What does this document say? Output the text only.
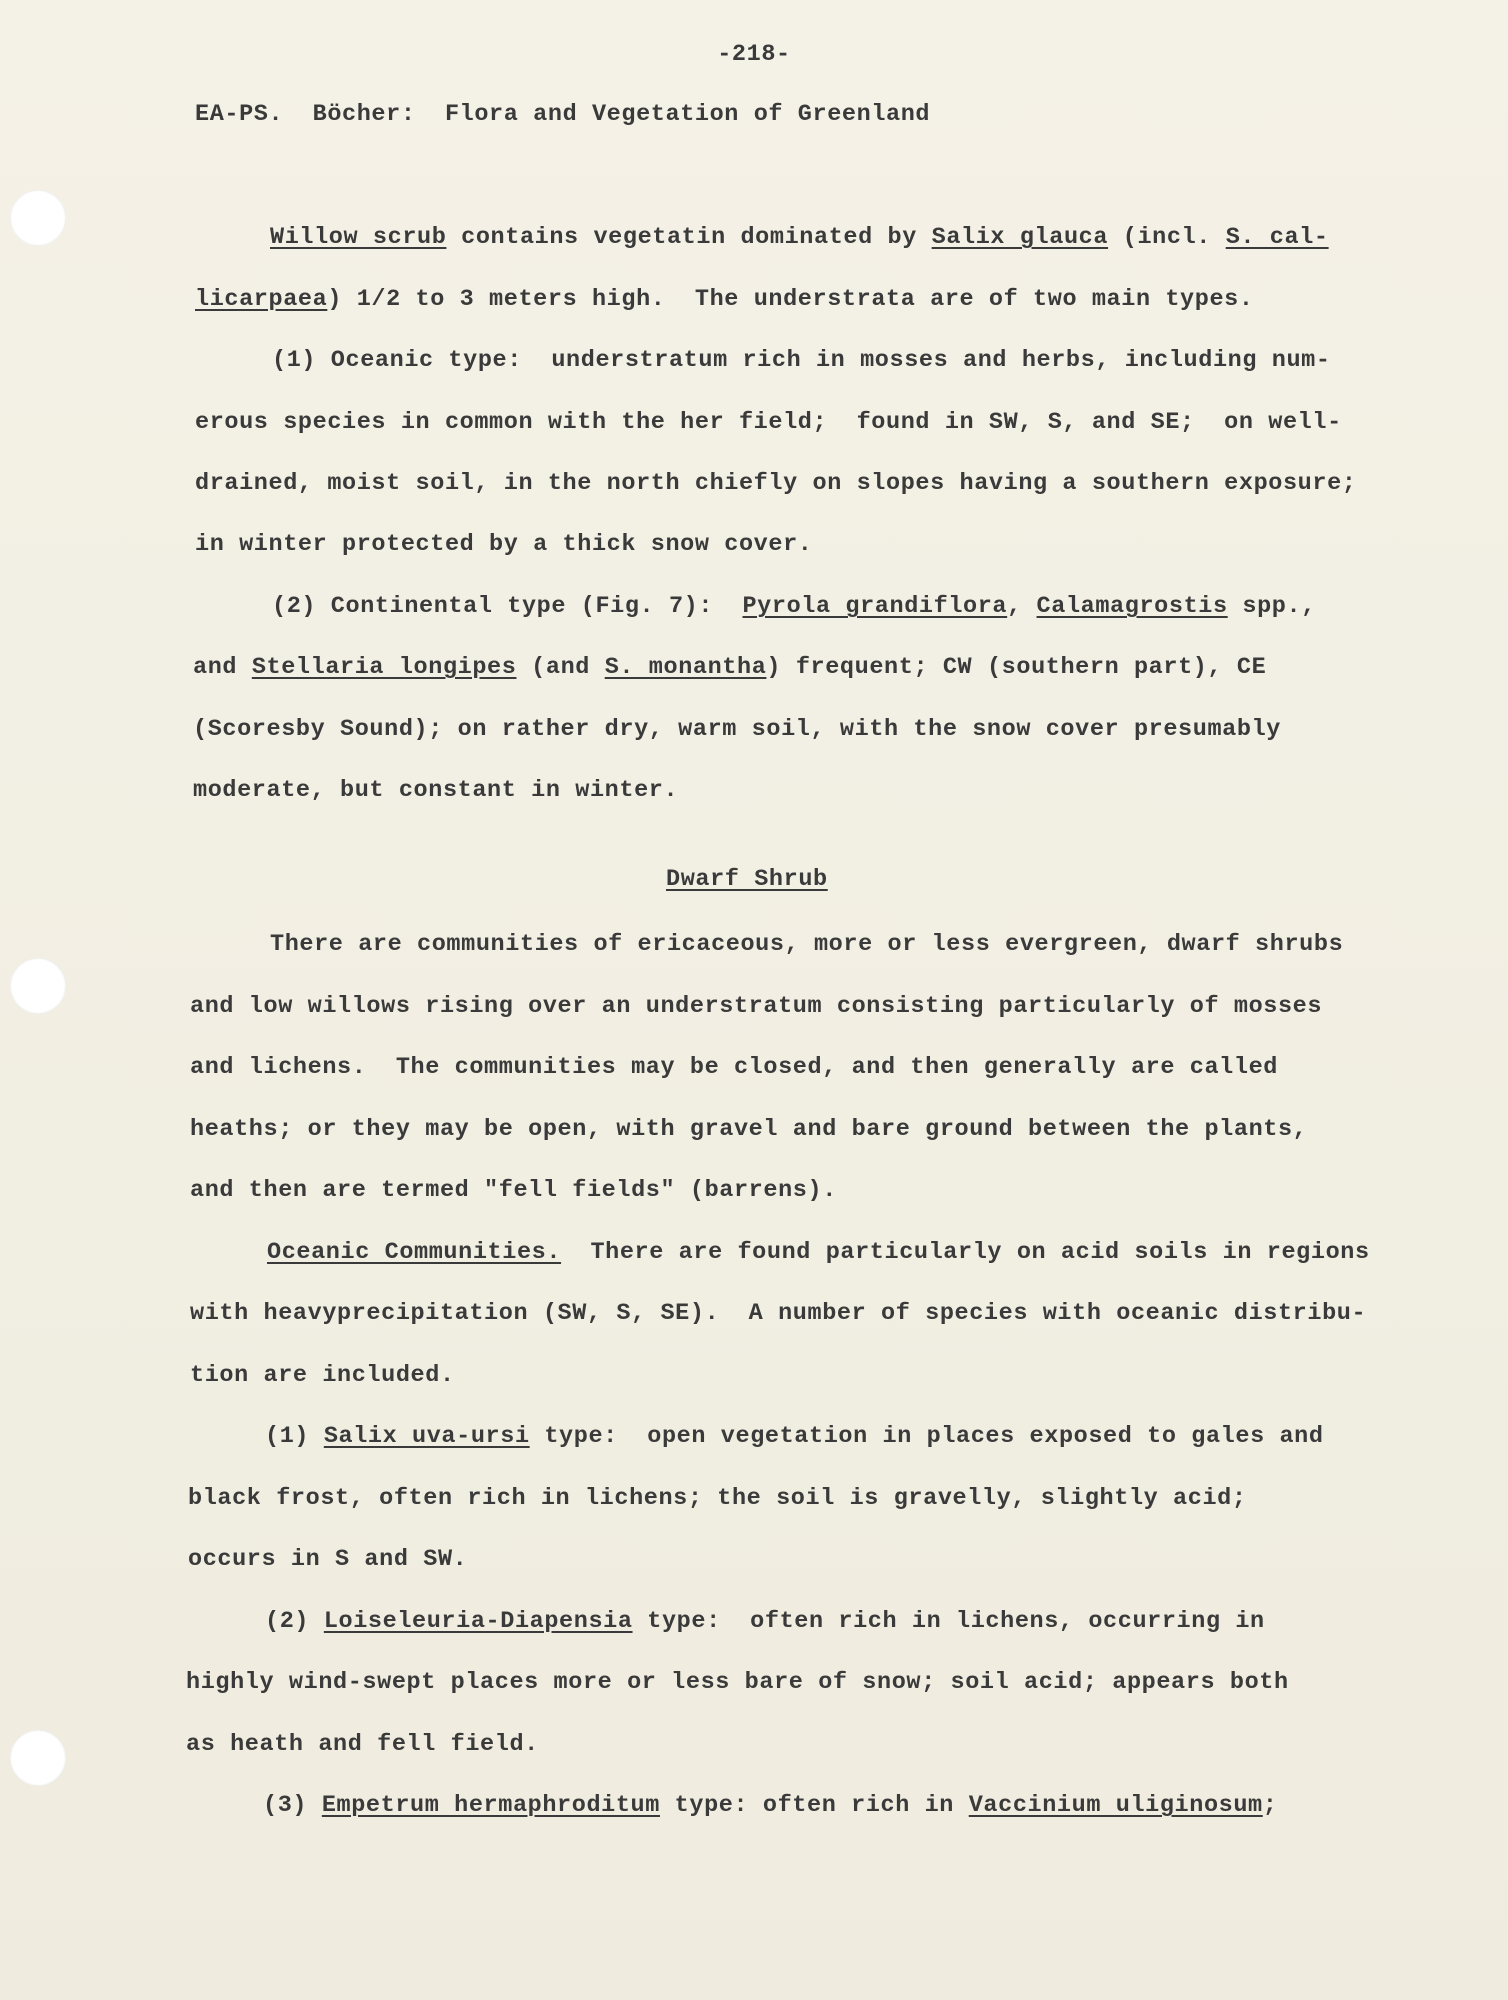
-218-
EA-PS. Böcher: Flora and Vegetation of Greenland
Willow scrub contains vegetatin dominated by Salix glauca (incl. S. cal-
licarpaea) 1/2 to 3 meters high.  The understrata are of two main types.
(1) Oceanic type:  understratum rich in mosses and herbs, including num-
erous species in common with the her field;  found in SW, S, and SE;  on well-
drained, moist soil, in the north chiefly on slopes having a southern exposure;
in winter protected by a thick snow cover.
(2) Continental type (Fig. 7):  Pyrola grandiflora, Calamagrostis spp.,
and Stellaria longipes (and S. monantha) frequent; CW (southern part), CE
(Scoresby Sound); on rather dry, warm soil, with the snow cover presumably
moderate, but constant in winter.
Dwarf Shrub
There are communities of ericaceous, more or less evergreen, dwarf shrubs
and low willows rising over an understratum consisting particularly of mosses
and lichens.  The communities may be closed, and then generally are called
heaths; or they may be open, with gravel and bare ground between the plants,
and then are termed "fell fields" (barrens).
Oceanic Communities.  There are found particularly on acid soils in regions
with heavyprecipitation (SW, S, SE).  A number of species with oceanic distribu-
tion are included.
(1) Salix uva-ursi type:  open vegetation in places exposed to gales and
black frost, often rich in lichens; the soil is gravelly, slightly acid;
occurs in S and SW.
(2) Loiseleuria-Diapensia type:  often rich in lichens, occurring in
highly wind-swept places more or less bare of snow; soil acid; appears both
as heath and fell field.
(3) Empetrum hermaphroditum type: often rich in Vaccinium uliginosum;
